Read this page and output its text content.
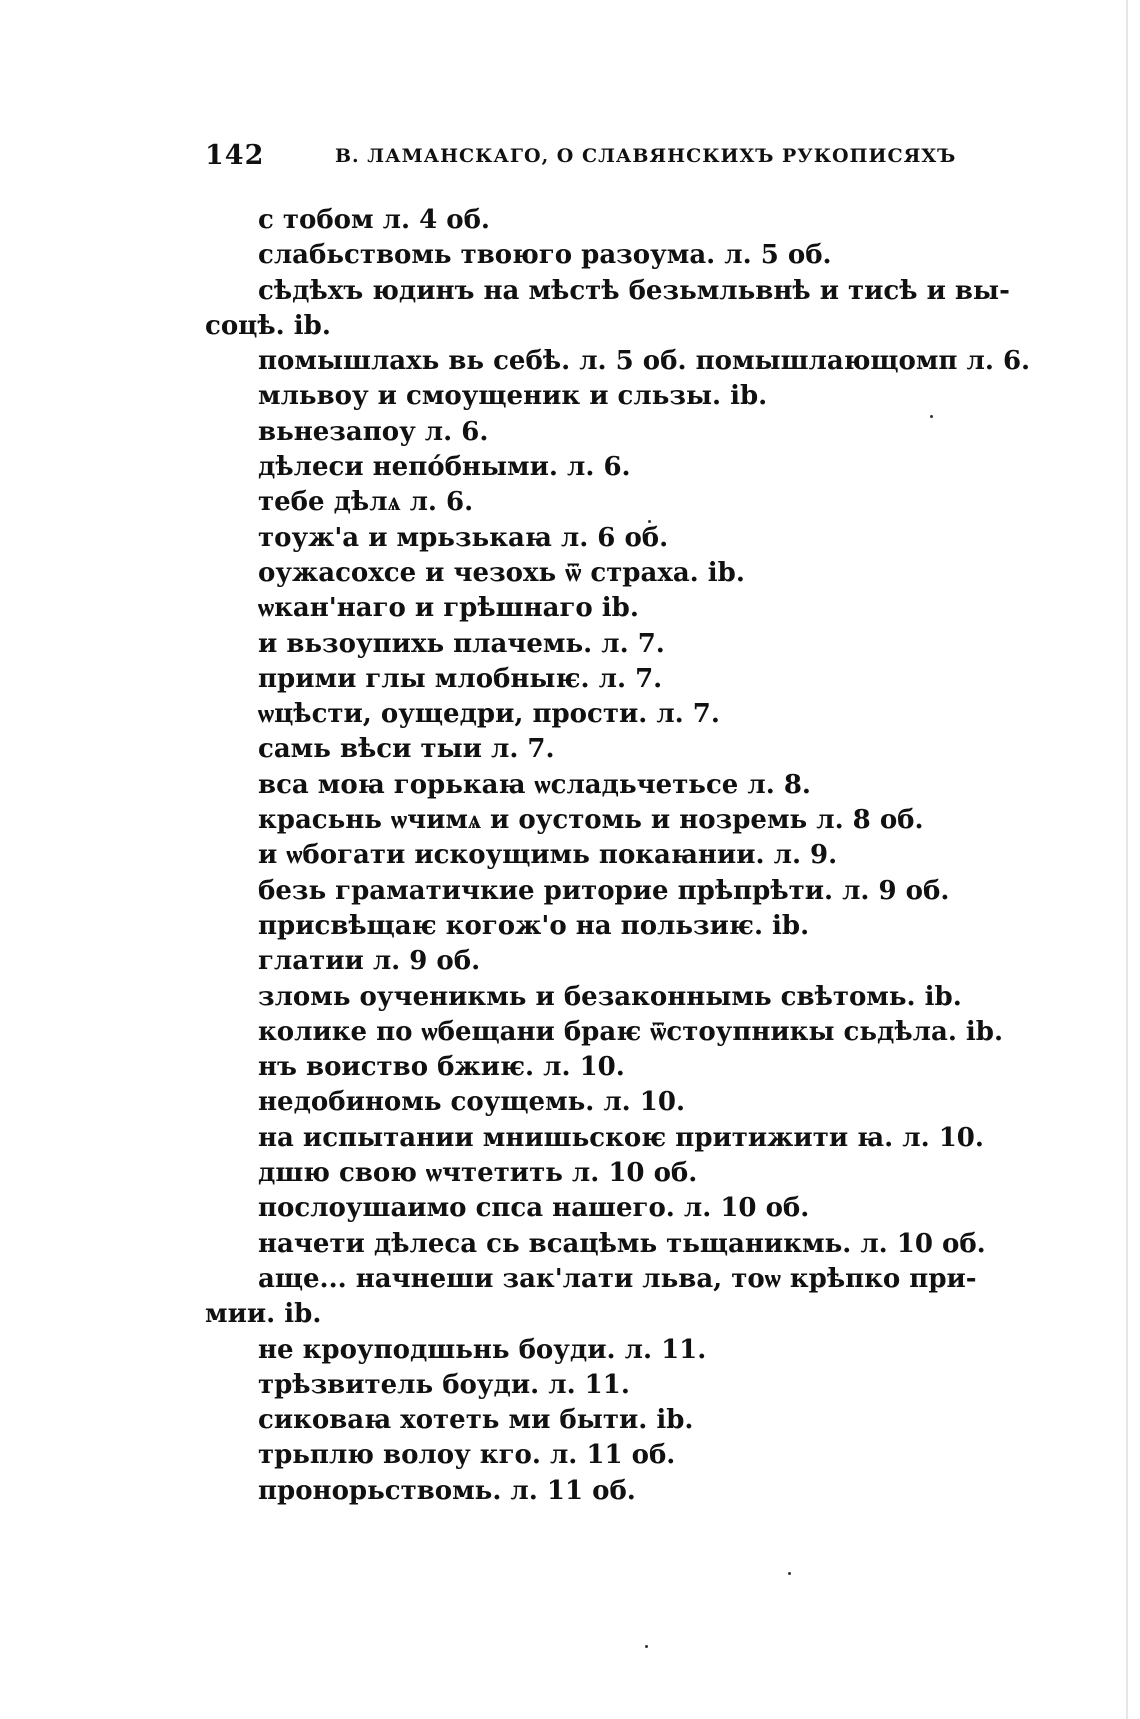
142	В. ЛАМАНСКАГО, О СЛАВЯНСКИХЪ РУКОПИСЯХЪ
с тобом л. 4 об.
слабьствомь твоюго разоума. л. 5 об.
сѣдѣхъ юдинъ на мѣстѣ безьмльвнѣ и тисѣ и вы-
соцѣ. ib.
помышлахь вь себѣ. л. 5 об. помышлающомп л. 6.
мльвоу и смоущеник и сльзы. ib.
вьнезапоу л. 6.
дѣлеси непо́бными. л. 6.
тебе дѣлѧ л. 6.
тоуж'а и мрьзькаꙗ л. 6 об.
оужасохсе и чезохь ѿ страха. ib.
ѡкан'наго и грѣшнаго ib.
и вьзоупихь плачемь. л. 7.
прими глы млобныѥ. л. 7.
ѡцѣсти, оущедри, прости. л. 7.
самь вѣси тыи л. 7.
вса моꙗ горькаꙗ ѡсладьчетьсе л. 8.
красьнь ѡчимѧ и оустомь и нозремь л. 8 об.
и ѡбогати искоущимь покаꙗнии. л. 9.
безь граматичкие риторие прѣпрѣти. л. 9 об.
присвѣщаѥ когож'о на пользиѥ. ib.
глатии л. 9 об.
зломь оученикмь и безаконнымь свѣтомь. ib.
колике по ѡбещани браѥ ѿстоупникы сьдѣла. ib.
нъ воиство бжиѥ. л. 10.
недобиномь соущемь. л. 10.
на испытании мнишьскоѥ притижити ꙗ. л. 10.
дшю свою ѡчтетить л. 10 об.
послоушаимо спса нашего. л. 10 об.
начети дѣлеса сь всацѣмь тьщаникмь. л. 10 об.
аще... начнеши зак'лати льва, тоѡ крѣпко при-
мии. ib.
не кроуподшьнь боуди. л. 11.
трѣзвитель боуди. л. 11.
сиковаꙗ хотеть ми быти. ib.
трьплю волоу кго. л. 11 об.
пронорьствомь. л. 11 об.
